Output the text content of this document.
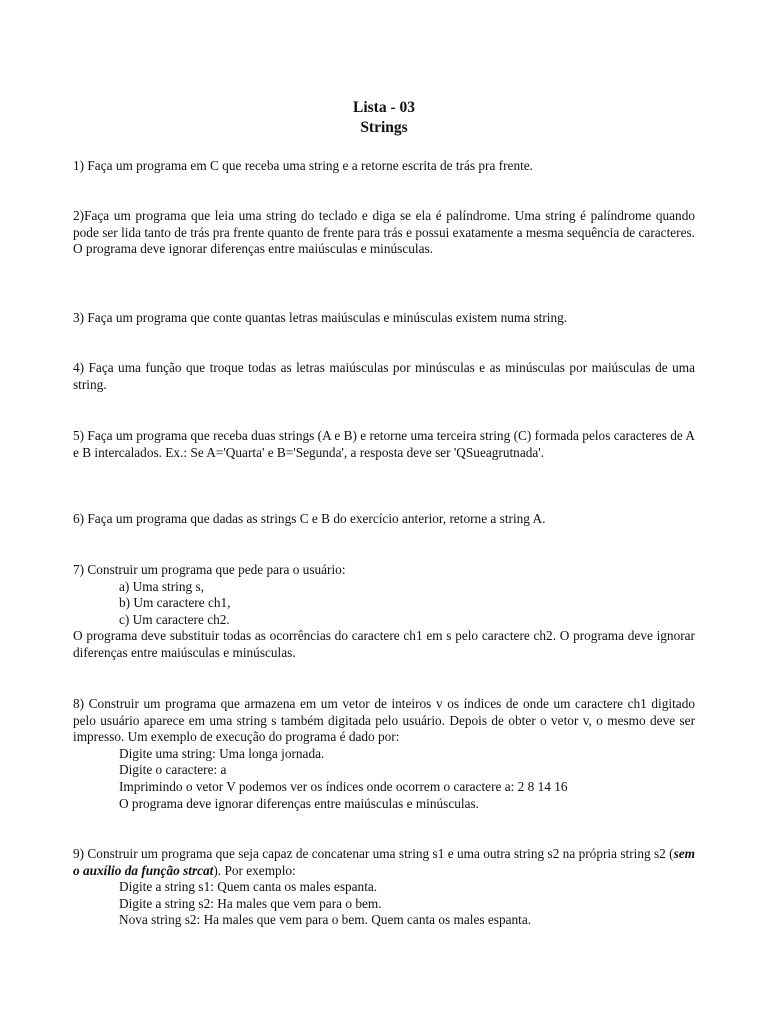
Lista - 03
Strings

1) Faça um programa em C que receba uma string e a retorne escrita de trás pra frente.

2)Faça um programa que leia uma string do teclado e diga se ela é palíndrome. Uma string é palíndrome quando pode ser lida tanto de trás pra frente quanto de frente para trás e possui exatamente a mesma sequência de caracteres. O programa deve ignorar diferenças entre maiúsculas e minúsculas.

3) Faça um programa que conte quantas letras maiúsculas e minúsculas existem numa string.

4) Faça uma função que troque todas as letras maiúsculas por minúsculas e as minúsculas por maiúsculas de uma string.

5) Faça um programa que receba duas strings (A e B) e retorne uma terceira string (C) formada pelos caracteres de A e B intercalados. Ex.: Se A='Quarta' e B='Segunda', a resposta deve ser 'QSueagrutnada'.

6) Faça um programa que dadas as strings C e B do exercício anterior, retorne a string A.

7) Construir um programa que pede para o usuário:

a) Uma string s,

b) Um caractere ch1,

c) Um caractere ch2.

O programa deve substituir todas as ocorrências do caractere ch1 em s pelo caractere ch2. O programa deve ignorar diferenças entre maiúsculas e minúsculas.

8) Construir um programa que armazena em um vetor de inteiros v os índices de onde um caractere ch1 digitado pelo usuário aparece em uma string s também digitada pelo usuário. Depois de obter o vetor v, o mesmo deve ser impresso. Um exemplo de execução do programa é dado por:

Digite uma string: Uma longa jornada.

Digite o caractere: a

Imprimindo o vetor V podemos ver os índices onde ocorrem o caractere a: 2 8 14 16

O programa deve ignorar diferenças entre maiúsculas e minúsculas.

9) Construir um programa que seja capaz de concatenar uma string s1 e uma outra string s2 na própria string s2 (sem o auxílio da função strcat). Por exemplo:

Digite a string s1: Quem canta os males espanta.

Digite a string s2: Ha males que vem para o bem.

Nova string s2: Ha males que vem para o bem. Quem canta os males espanta.
